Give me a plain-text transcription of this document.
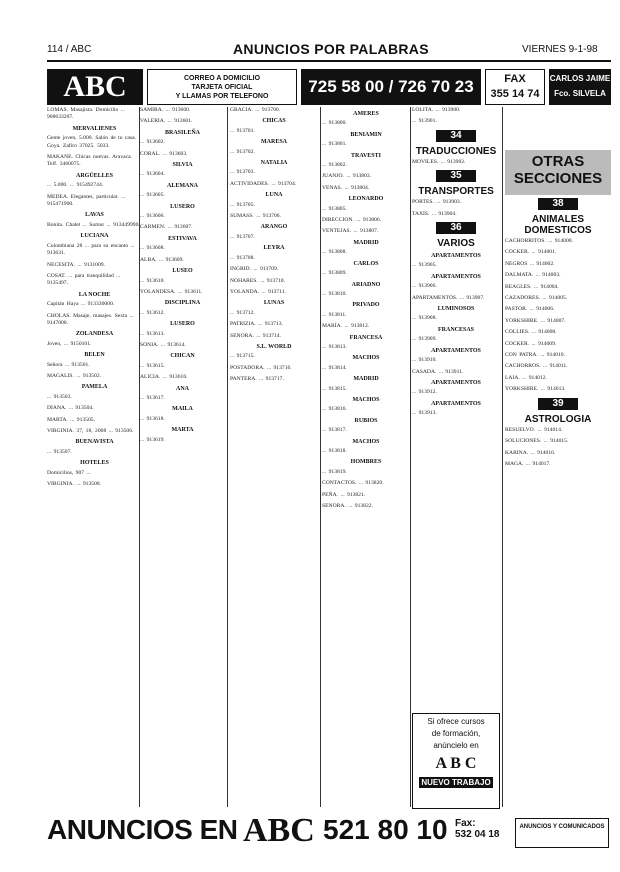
114 / ABC	ANUNCIOS POR PALABRAS	VIERNES 9-1-98
ABC	CORREO A DOMICILIO
TARJETA OFICIAL
Y LLAMAS POR TELEFONO
725 58 00 / 726 70 23	FAX
355 14 74
CARLOS JAIME
Fco. SILVELA 52. 3B
LOMAS. Masajista. Domicilio ... 908633207.
MERVALIENES
Gente joven, 5.000. Salón de tu casa. Goya. Zafiro 37025. 5033.
MAKANE. Chicas nuevas. Aravaca. Telf. 3460075.
ARGÜELLES
... 5.000. ... 915492744.
MEDEA. Elegantes, particular. ... 915471900.
LAVAS
Bonita. Chalet ... Sumur ... 913449990.
LUCIANA
Colombiana 28 ... para su encanto ... 913631.
NECESITA. ... 9131009.
COSAT. ... para tranquilidad ... 9135497.
LA NOCHE
Capitán Haya ... 913330000.
CHOLAS. Masaje, masajes. Sexta ... 9147000.
ZOLANDESA
Joven, ... 9150101.
BELEN
Señora ... 913501.
MAGALIS. ... 913502.
PAMELA
... 913503.
DIANA. ... 913504.
MARTA. ... 913505.
VIRGINIA. 37, 18, 2008 ... 913506.
BUENAVISTA
... 913507.
HOTELES
Domicilios, 907 ...
VIRGINIA. ... 913508.
SAMIRA. ... 913600.
VALERIA. ... 913601.
BRASILEÑA
... 913602.
CORAL. ... 913603.
SILVIA
... 913604.
ALEMANA
... 913605.
LUSERO
... 913606.
CARMEN. ... 913607.
ESTIVAVA
... 913608.
ALBA. ... 913609.
LUSEO
... 913610.
YOLANDESA. ... 913611.
DISCIPLINA
... 913612.
LUSERO
... 913613.
SONIA. ... 913614.
CHICAN
... 913615.
ALICIA. ... 913616.
ANA
... 913617.
MAILA
... 913618.
MARTA
... 913619.
GRACIA. ... 913700.
CHICAS
... 913701.
MARESA
... 913702.
NATALIA
... 913703.
ACTIVIDADES. ... 913704.
LUNA
... 913705.
SUMASS. ... 913706.
ARANGO
... 913707.
LEYRA
... 913708.
INGRID. ... 913709.
NOHARES. ... 913710.
YOLANDA. ... 913711.
LUNAS
... 913712.
PATRIZIA. ... 913713.
SENORA. ... 913714.
S.L. WORLD
... 913715.
POSTADORA. ... 913716.
PANTERA. ... 913717.
AMERES
... 913800.
BENIAMIN
... 913801.
TRAVESTI
... 913802.
JUANJO. ... 913803.
VENAS. ... 913804.
LEONARDO
... 913805.
DIRECCION. ... 913806.
VENTEJAS. ... 913807.
MADRID
... 913808.
CARLOS
... 913809.
ARIADNO
... 913810.
PRIVADO
... 913811.
MARÍA. ... 913812.
FRANCESA
... 913813.
MACHOS
... 913814.
MADRID
... 913815.
MACHOS
... 913816.
RUBIOS
... 913817.
MACHOS
... 913818.
HOMBRES
... 913819.
CONTACTOS. ... 913820.
PEÑA. ... 913821.
SENORA. ... 913822.
LOLITA. ... 913900.
... 913901.
34
TRADUCCIONES
MOVILES. ... 913902.
35
TRANSPORTES
PORTES. ... 913903.
TAXIS. ... 913904.
36
VARIOS
APARTAMENTOS
... 913905.
APARTAMENTOS
... 913906.
APARTAMENTOS. ... 913907.
LUMINOSOS
... 913908.
FRANCESAS
... 913909.
APARTAMENTOS
... 913910.
CASADA. ... 913911.
APARTAMENTOS
... 913912.
APARTAMENTOS
... 913913.
38
ANIMALES DOMESTICOS
CACHORRITOS. ... 914000.
COCKER. ... 914001.
NEGROS ... 914002.
DALMATA. ... 914003.
BEAGLES. ... 914004.
CAZADORES. ... 914005.
PASTOR. ... 914006.
YORKSHIRE. ... 914007.
COLLIES. ... 914008.
COCKER. ... 914009.
CON PATRA. ... 914010.
CACHORROS. ... 914011.
LAIA. ... 914012.
YORKSHIRE. ... 914013.
39
ASTROLOGIA
RESUELVO. ... 914014.
SOLUCIONES. ... 914015.
KARINA. ... 914016.
MAGA. ... 914017.
OTRAS
SECCIONES
Si ofrece cursos
de formación,
anúncielo en
A B C
NUEVO TRABAJO
ANUNCIOS EN ABC 521 80 10 Fax:
532 04 18
ANUNCIOS Y COMUNICADOS
